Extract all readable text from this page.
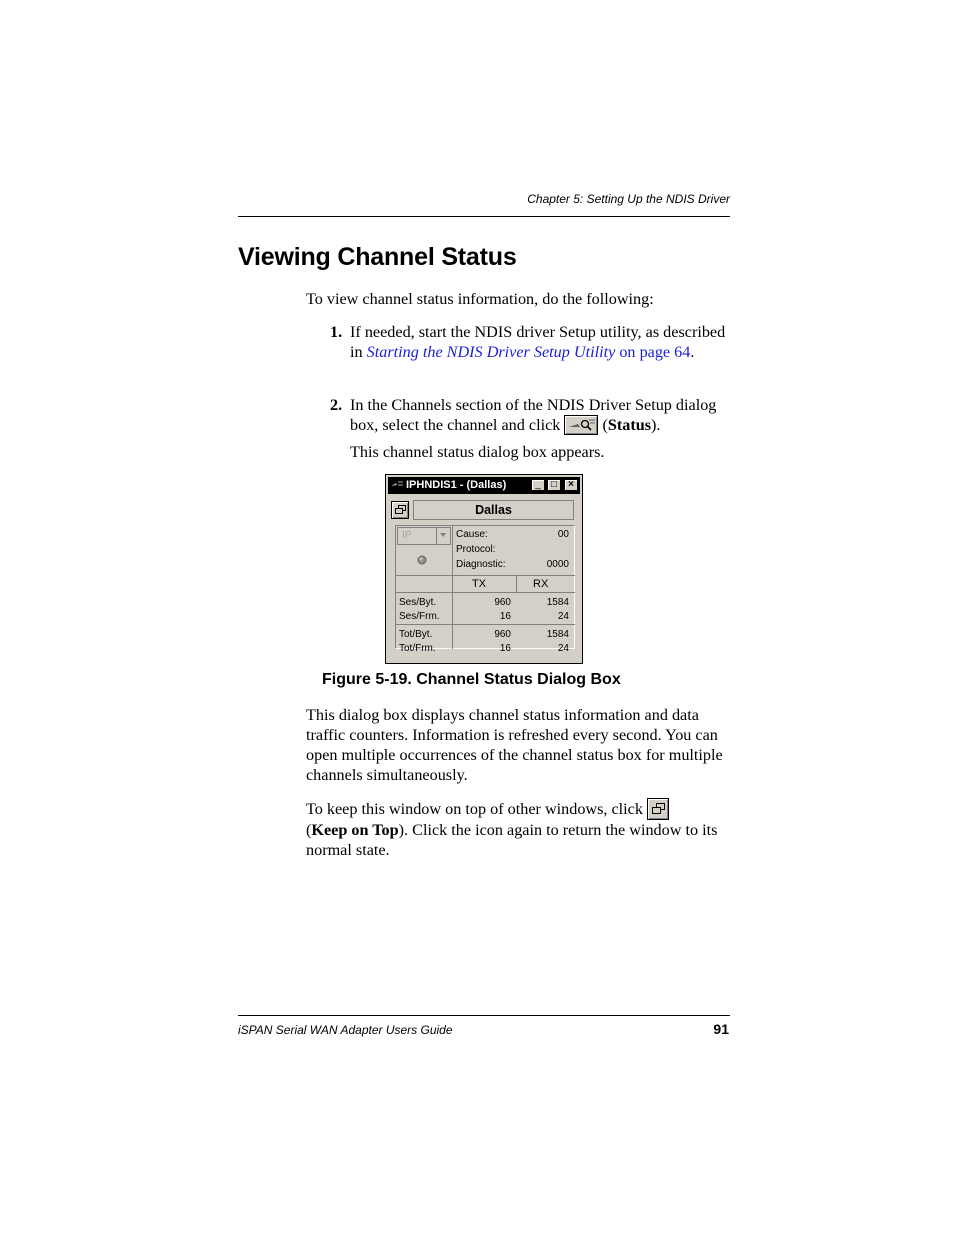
Chapter 5: Setting Up the NDIS Driver
Viewing Channel Status

To view channel status information, do the following:

1. If needed, start the NDIS driver Setup utility, as described in Starting the NDIS Driver Setup Utility on page 64.
2. In the Channels section of the NDIS Driver Setup dialog box, select the channel and click
(Status).

This channel status dialog box appears.

IPHNDIS1 - (Dallas)	_	□	×
Dallas
IP	Cause:	00
Protocol:
Diagnostic:	0000
TX	RX
Ses/Byt.	960	1584
Ses/Frm.	16	24
Tot/Byt.	960	1584
Tot/Frm.	16	24
Figure 5-19. Channel Status Dialog Box

This dialog box displays channel status information and data traffic counters. Information is refreshed every second. You can open multiple occurrences of the channel status box for multiple channels simultaneously.

To keep this window on top of other windows, click

(Keep on Top). Click the icon again to return the window to its normal state.

iSPAN Serial WAN Adapter Users Guide	91
